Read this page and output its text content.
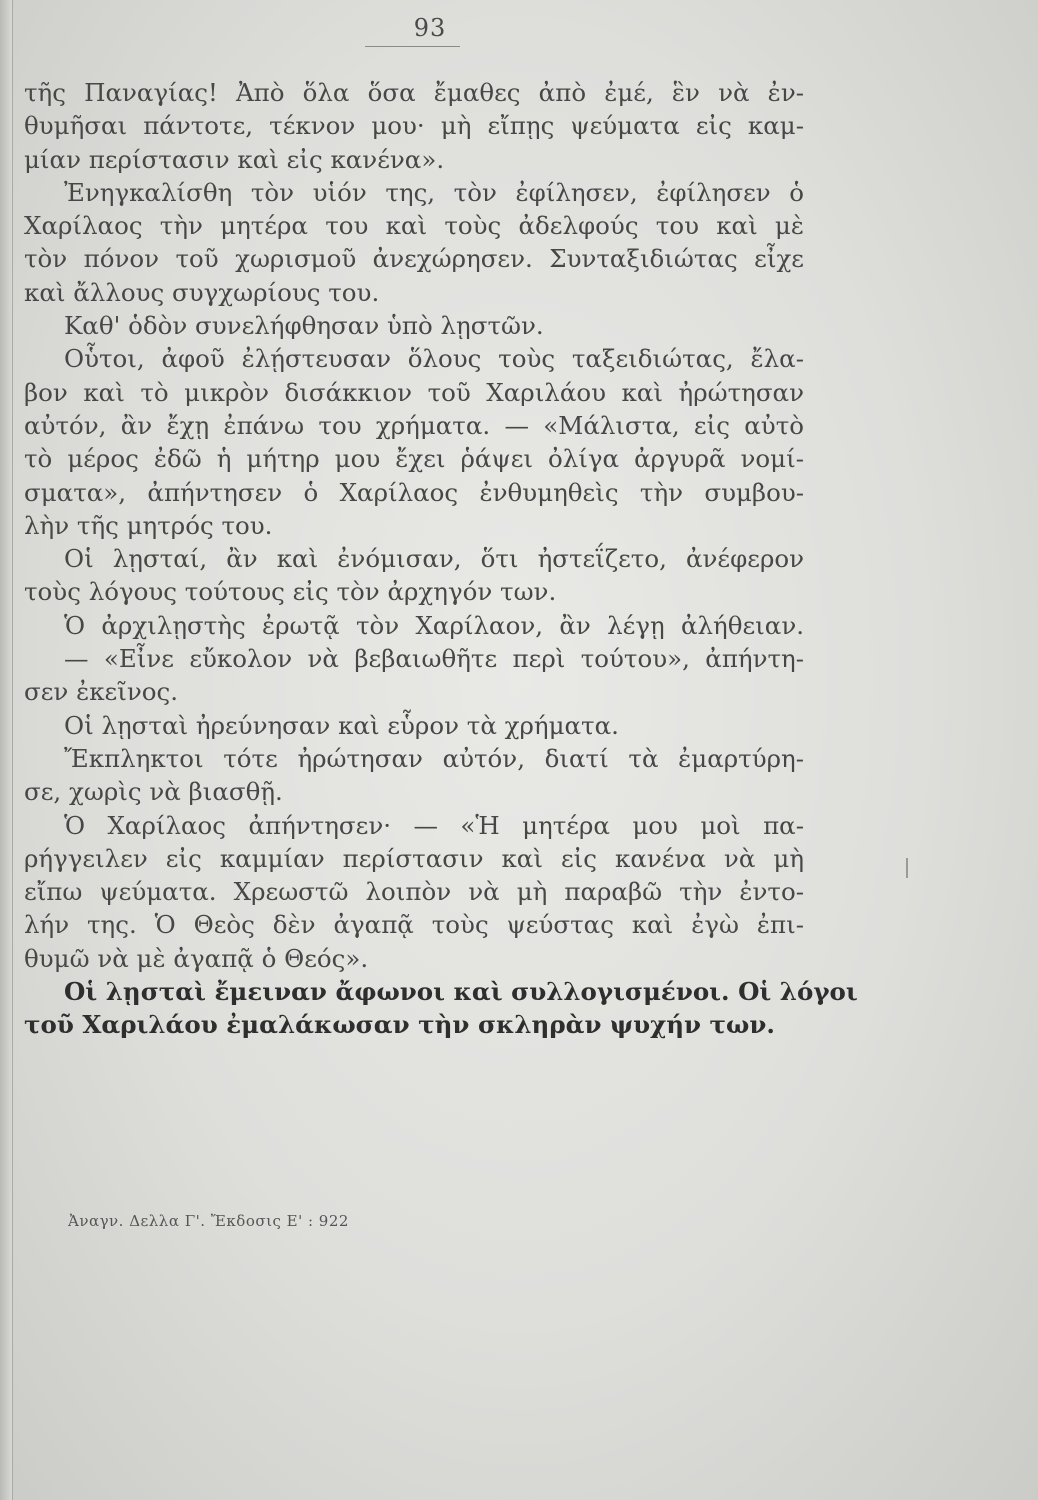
93
τῆς Παναγίας! Ἀπὸ ὅλα ὅσα ἔμαθες ἀπὸ ἐμέ, ἓν νὰ ἐν-
θυμῆσαι πάντοτε, τέκνον μου· μὴ εἴπῃς ψεύματα εἰς καμ-
μίαν περίστασιν καὶ εἰς κανένα».
Ἐνηγκαλίσθη τὸν υἱόν της, τὸν ἐφίλησεν, ἐφίλησεν ὁ
Χαρίλαος τὴν μητέρα του καὶ τοὺς ἀδελφούς του καὶ μὲ
τὸν πόνον τοῦ χωρισμοῦ ἀνεχώρησεν. Συνταξιδιώτας εἶχε
καὶ ἄλλους συγχωρίους του.
Καθ' ὁδὸν συνελήφθησαν ὑπὸ λῃστῶν.
Οὗτοι, ἀφοῦ ἐλῄστευσαν ὅλους τοὺς ταξειδιώτας, ἔλα-
βον καὶ τὸ μικρὸν δισάκκιον τοῦ Χαριλάου καὶ ἠρώτησαν
αὐτόν, ἂν ἔχῃ ἐπάνω του χρήματα. — «Μάλιστα, εἰς αὐτὸ
τὸ μέρος ἐδῶ ἡ μήτηρ μου ἔχει ῥάψει ὀλίγα ἀργυρᾶ νομί-
σματα», ἀπήντησεν ὁ Χαρίλαος ἐνθυμηθεὶς τὴν συμβου-
λὴν τῆς μητρός του.
Οἱ λῃσταί, ἂν καὶ ἐνόμισαν, ὅτι ἠστεΐζετο, ἀνέφερον
τοὺς λόγους τούτους εἰς τὸν ἀρχηγόν των.
Ὁ ἀρχιλῃστὴς ἐρωτᾷ τὸν Χαρίλαον, ἂν λέγῃ ἀλήθειαν.
— «Εἶνε εὔκολον νὰ βεβαιωθῆτε περὶ τούτου», ἀπήντη-
σεν ἐκεῖνος.
Οἱ λῃσταὶ ἠρεύνησαν καὶ εὗρον τὰ χρήματα.
Ἔκπληκτοι τότε ἠρώτησαν αὐτόν, διατί τὰ ἐμαρτύρη-
σε, χωρὶς νὰ βιασθῇ.
Ὁ Χαρίλαος ἀπήντησεν· — «Ἡ μητέρα μου μοὶ πα-
ρήγγειλεν εἰς καμμίαν περίστασιν καὶ εἰς κανένα νὰ μὴ
εἴπω ψεύματα. Χρεωστῶ λοιπὸν νὰ μὴ παραβῶ τὴν ἐντο-
λήν της. Ὁ Θεὸς δὲν ἀγαπᾷ τοὺς ψεύστας καὶ ἐγὼ ἐπι-
θυμῶ νὰ μὲ ἀγαπᾷ ὁ Θεός».
Οἱ λῃσταὶ ἔμειναν ἄφωνοι καὶ συλλογισμένοι. Οἱ λόγοι
τοῦ Χαριλάου ἐμαλάκωσαν τὴν σκληρὰν ψυχήν των.
Ἀναγν. Δελλα Γ'. Ἔκδοσις Ε' : 922
